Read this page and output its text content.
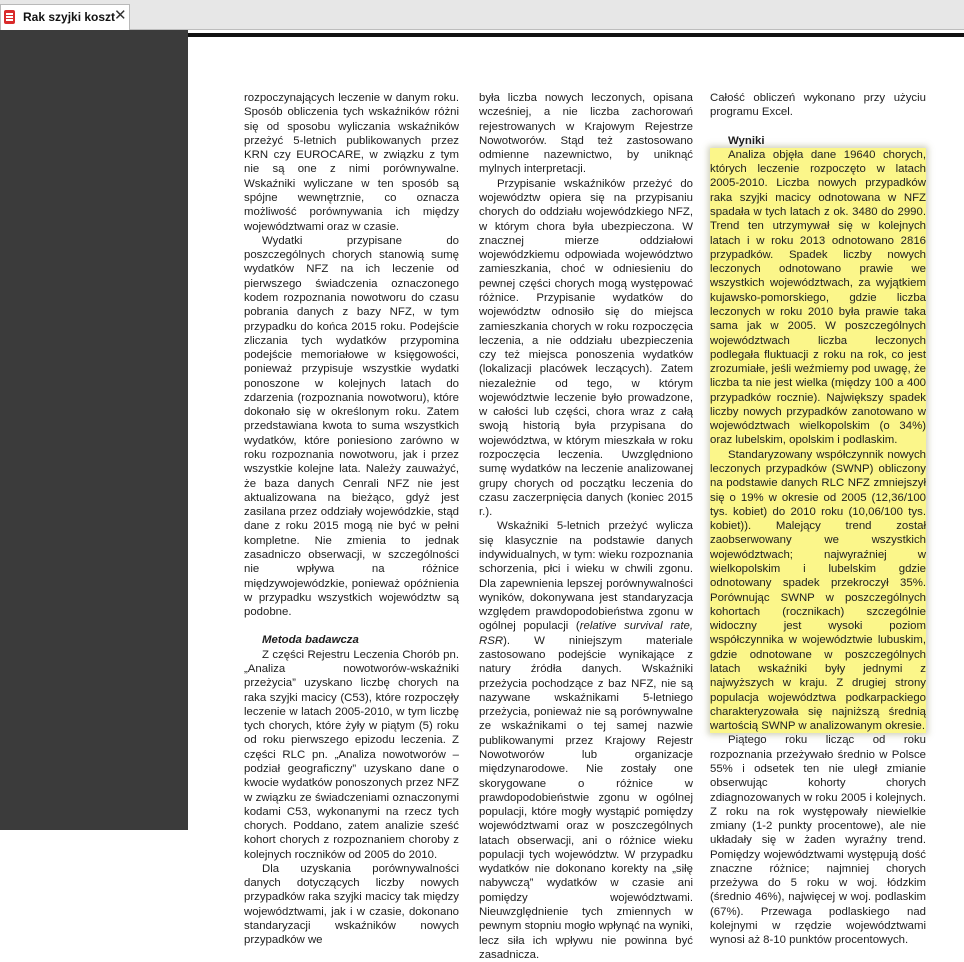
Rak szyjki koszt
✕

rozpoczynających leczenie w danym roku. Sposób obliczenia tych wskaźników różni się od sposobu wyliczania wskaźników przeżyć 5-letnich publikowanych przez KRN czy EUROCARE, w związku z tym nie są one z nimi porównywalne. Wskaźniki wyliczane w ten sposób są spójne wewnętrznie, co oznacza możliwość porównywania ich między województwami oraz w czasie.

Wydatki przypisane do poszczególnych chorych stanowią sumę wydatków NFZ na ich leczenie od pierwszego świadczenia oznaczonego kodem rozpoznania nowotworu do czasu pobrania danych z bazy NFZ, w tym przypadku do końca 2015 roku. Podejście zliczania tych wydatków przypomina podejście memoriałowe w księgowości, ponieważ przypisuje wszystkie wydatki ponoszone w kolejnych latach do zdarzenia (rozpoznania nowotworu), które dokonało się w określonym roku. Zatem przedstawiana kwota to suma wszystkich wydatków, które poniesiono zarówno w roku rozpoznania nowotworu, jak i przez wszystkie kolejne lata. Należy zauważyć, że baza danych Cenrali NFZ nie jest aktualizowana na bieżąco, gdyż jest zasilana przez oddziały wojewódzkie, stąd dane z roku 2015 mogą nie być w pełni kompletne. Nie zmienia to jednak zasadniczo obserwacji, w szczególności nie wpływa na różnice międzywojewódzkie, ponieważ opóźnienia w przypadku wszystkich województw są podobne.

Metoda badawcza

Z części Rejestru Leczenia Chorób pn. „Analiza nowotworów-wskaźniki przeżycia” uzyskano liczbę chorych na raka szyjki macicy (C53), które rozpoczęły leczenie w latach 2005-2010, w tym liczbę tych chorych, które żyły w piątym (5) roku od roku pierwszego epizodu leczenia. Z części RLC pn. „Analiza nowotworów – podział geograficzny” uzyskano dane o kwocie wydatków ponoszonych przez NFZ w związku ze świadczeniami oznaczonymi kodami C53, wykonanymi na rzecz tych chorych. Poddano, zatem analizie sześć kohort chorych z rozpoznaniem choroby z kolejnych roczników od 2005 do 2010.

Dla uzyskania porównywalności danych dotyczących liczby nowych przypadków raka szyjki macicy tak między województwami, jak i w czasie, dokonano standaryzacji wskaźników nowych przypadków we

była liczba nowych leczonych, opisana wcześniej, a nie liczba zachorowań rejestrowanych w Krajowym Rejestrze Nowotworów. Stąd też zastosowano odmienne nazewnictwo, by uniknąć mylnych interpretacji.

Przypisanie wskaźników przeżyć do województw opiera się na przypisaniu chorych do oddziału wojewódzkiego NFZ, w którym chora była ubezpieczona. W znacznej mierze oddziałowi wojewódzkiemu odpowiada województwo zamieszkania, choć w odniesieniu do pewnej części chorych mogą występować różnice. Przypisanie wydatków do województw odnosiło się do miejsca zamieszkania chorych w roku rozpoczęcia leczenia, a nie oddziału ubezpieczenia czy też miejsca ponoszenia wydatków (lokalizacji placówek leczących). Zatem niezależnie od tego, w którym województwie leczenie było prowadzone, w całości lub części, chora wraz z całą swoją historią była przypisana do województwa, w którym mieszkała w roku rozpoczęcia leczenia. Uwzględniono sumę wydatków na leczenie analizowanej grupy chorych od początku leczenia do czasu zaczerpnięcia danych (koniec 2015 r.).

Wskaźniki 5-letnich przeżyć wylicza się klasycznie na podstawie danych indywidualnych, w tym: wieku rozpoznania schorzenia, płci i wieku w chwili zgonu. Dla zapewnienia lepszej porównywalności wyników, dokonywana jest standaryzacja względem prawdopodobieństwa zgonu w ogólnej populacji (relative survival rate, RSR). W niniejszym materiale zastosowano podejście wynikające z natury źródła danych. Wskaźniki przeżycia pochodzące z baz NFZ, nie są nazywane wskaźnikami 5-letniego przeżycia, ponieważ nie są porównywalne ze wskaźnikami o tej samej nazwie publikowanymi przez Krajowy Rejestr Nowotworów lub organizacje międzynarodowe. Nie zostały one skorygowane o różnice w prawdopodobieństwie zgonu w ogólnej populacji, które mogły wystąpić pomiędzy województwami oraz w poszczególnych latach obserwacji, ani o różnice wieku populacji tych województw. W przypadku wydatków nie dokonano korekty na „siłę nabywczą” wydatków w czasie ani pomiędzy województwami. Nieuwzględnienie tych zmiennych w pewnym stopniu mogło wpłynąć na wyniki, lecz siła ich wpływu nie powinna być zasadnicza.

Całość obliczeń wykonano przy użyciu programu Excel.

Wyniki

Analiza objęła dane 19640 chorych, których leczenie rozpoczęto w latach 2005-2010. Liczba nowych przypadków raka szyjki macicy odnotowana w NFZ spadała w tych latach z ok. 3480 do 2990. Trend ten utrzymywał się w kolejnych latach i w roku 2013 odnotowano 2816 przypadków. Spadek liczby nowych leczonych odnotowano prawie we wszystkich województwach, za wyjątkiem kujawsko-pomorskiego, gdzie liczba leczonych w roku 2010 była prawie taka sama jak w 2005. W poszczególnych województwach liczba leczonych podlegała fluktuacji z roku na rok, co jest zrozumiałe, jeśli weźmiemy pod uwagę, że liczba ta nie jest wielka (między 100 a 400 przypadków rocznie). Największy spadek liczby nowych przypadków zanotowano w województwach wielkopolskim (o 34%) oraz lubelskim, opolskim i podlaskim.

Standaryzowany współczynnik nowych leczonych przypadków (SWNP) obliczony na podstawie danych RLC NFZ zmniejszył się o 19% w okresie od 2005 (12,36/100 tys. kobiet) do 2010 roku (10,06/100 tys. kobiet)). Malejący trend został zaobserwowany we wszystkich województwach; najwyraźniej w wielkopolskim i lubelskim gdzie odnotowany spadek przekroczył 35%. Porównując SWNP w poszczególnych kohortach (rocznikach) szczególnie widoczny jest wysoki poziom współczynnika w województwie lubuskim, gdzie odnotowane w poszczególnych latach wskaźniki były jednymi z najwyższych w kraju. Z drugiej strony populacja województwa podkarpackiego charakteryzowała się najniższą średnią wartością SWNP w analizowanym okresie.

Piątego roku licząc od roku rozpoznania przeżywało średnio w Polsce 55% i odsetek ten nie uległ zmianie obserwując kohorty chorych zdiagnozowanych w roku 2005 i kolejnych. Z roku na rok występowały niewielkie zmiany (1-2 punkty procentowe), ale nie układały się w żaden wyraźny trend. Pomiędzy województwami występują dość znaczne różnice; najmniej chorych przeżywa do 5 roku w woj. łódzkim (średnio 46%), najwięcej w woj. podlaskim (67%). Przewaga podlaskiego nad kolejnymi w rzędzie województwami wynosi aż 8-10 punktów procentowych.
